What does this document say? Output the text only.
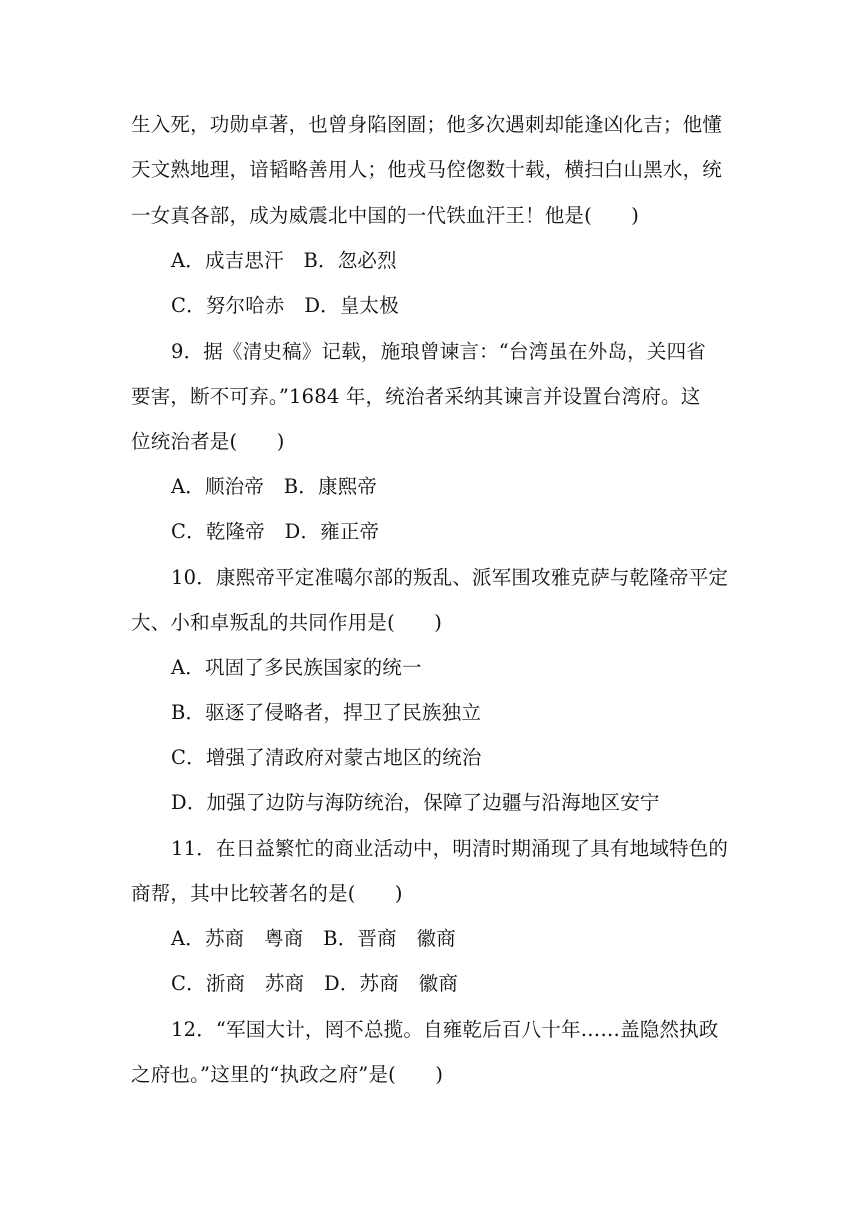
生入死，功勋卓著，也曾身陷囹圄；他多次遇刺却能逢凶化吉；他懂
天文熟地理，谙韬略善用人；他戎马倥偬数十载，横扫白山黑水，统
一女真各部，成为威震北中国的一代铁血汗王！他是(　　)
A．成吉思汗　B．忽必烈
C．努尔哈赤　D．皇太极
9．据《清史稿》记载，施琅曾谏言：“台湾虽在外岛，关四省
要害，断不可弃。”1684 年，统治者采纳其谏言并设置台湾府。这
位统治者是(　　)
A．顺治帝　B．康熙帝
C．乾隆帝　D．雍正帝
10．康熙帝平定准噶尔部的叛乱、派军围攻雅克萨与乾隆帝平定
大、小和卓叛乱的共同作用是(　　)
A．巩固了多民族国家的统一
B．驱逐了侵略者，捍卫了民族独立
C．增强了清政府对蒙古地区的统治
D．加强了边防与海防统治，保障了边疆与沿海地区安宁
11．在日益繁忙的商业活动中，明清时期涌现了具有地域特色的
商帮，其中比较著名的是(　　)
A．苏商　粤商　B．晋商　徽商
C．浙商　苏商　D．苏商　徽商
12．“军国大计，罔不总揽。自雍乾后百八十年……盖隐然执政
之府也。”这里的“执政之府”是(　　)
